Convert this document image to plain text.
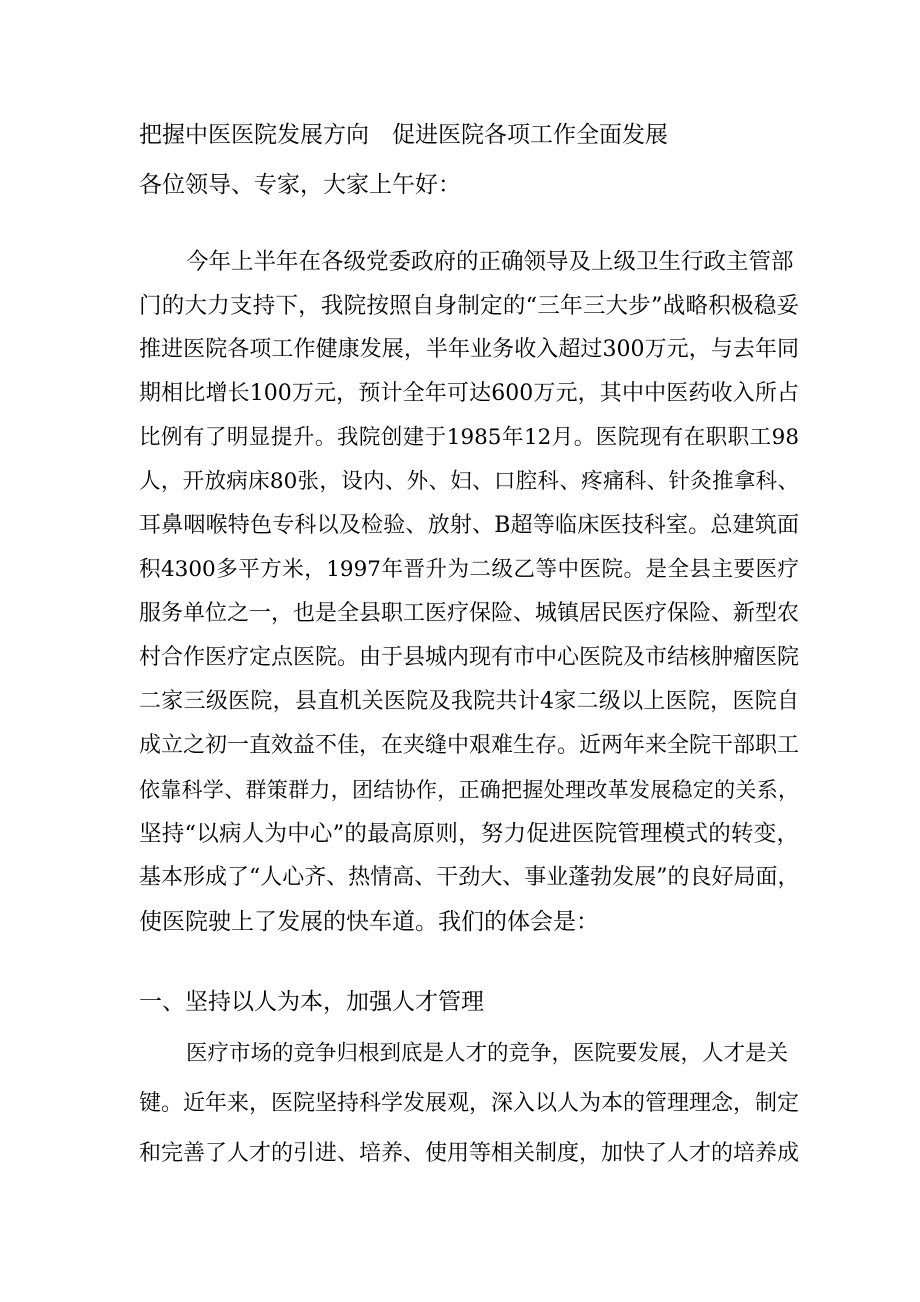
把握中医医院发展方向　促进医院各项工作全面发展
各位领导、专家，大家上午好：
今年上半年在各级党委政府的正确领导及上级卫生行政主管部
门的大力支持下，我院按照自身制定的“三年三大步”战略积极稳妥
推进医院各项工作健康发展，半年业务收入超过300万元，与去年同
期相比增长100万元，预计全年可达600万元，其中中医药收入所占
比例有了明显提升。我院创建于1985年12月。医院现有在职职工98
人，开放病床80张，设内、外、妇、口腔科、疼痛科、针灸推拿科、
耳鼻咽喉特色专科以及检验、放射、B超等临床医技科室。总建筑面
积4300多平方米，1997年晋升为二级乙等中医院。是全县主要医疗
服务单位之一，也是全县职工医疗保险、城镇居民医疗保险、新型农
村合作医疗定点医院。由于县城内现有市中心医院及市结核肿瘤医院
二家三级医院，县直机关医院及我院共计4家二级以上医院，医院自
成立之初一直效益不佳，在夹缝中艰难生存。近两年来全院干部职工
依靠科学、群策群力，团结协作，正确把握处理改革发展稳定的关系，
坚持“以病人为中心”的最高原则，努力促进医院管理模式的转变，
基本形成了“人心齐、热情高、干劲大、事业蓬勃发展”的良好局面，
使医院驶上了发展的快车道。我们的体会是：
一、坚持以人为本，加强人才管理
医疗市场的竞争归根到底是人才的竞争，医院要发展，人才是关
键。近年来，医院坚持科学发展观，深入以人为本的管理理念，制定
和完善了人才的引进、培养、使用等相关制度，加快了人才的培养成
